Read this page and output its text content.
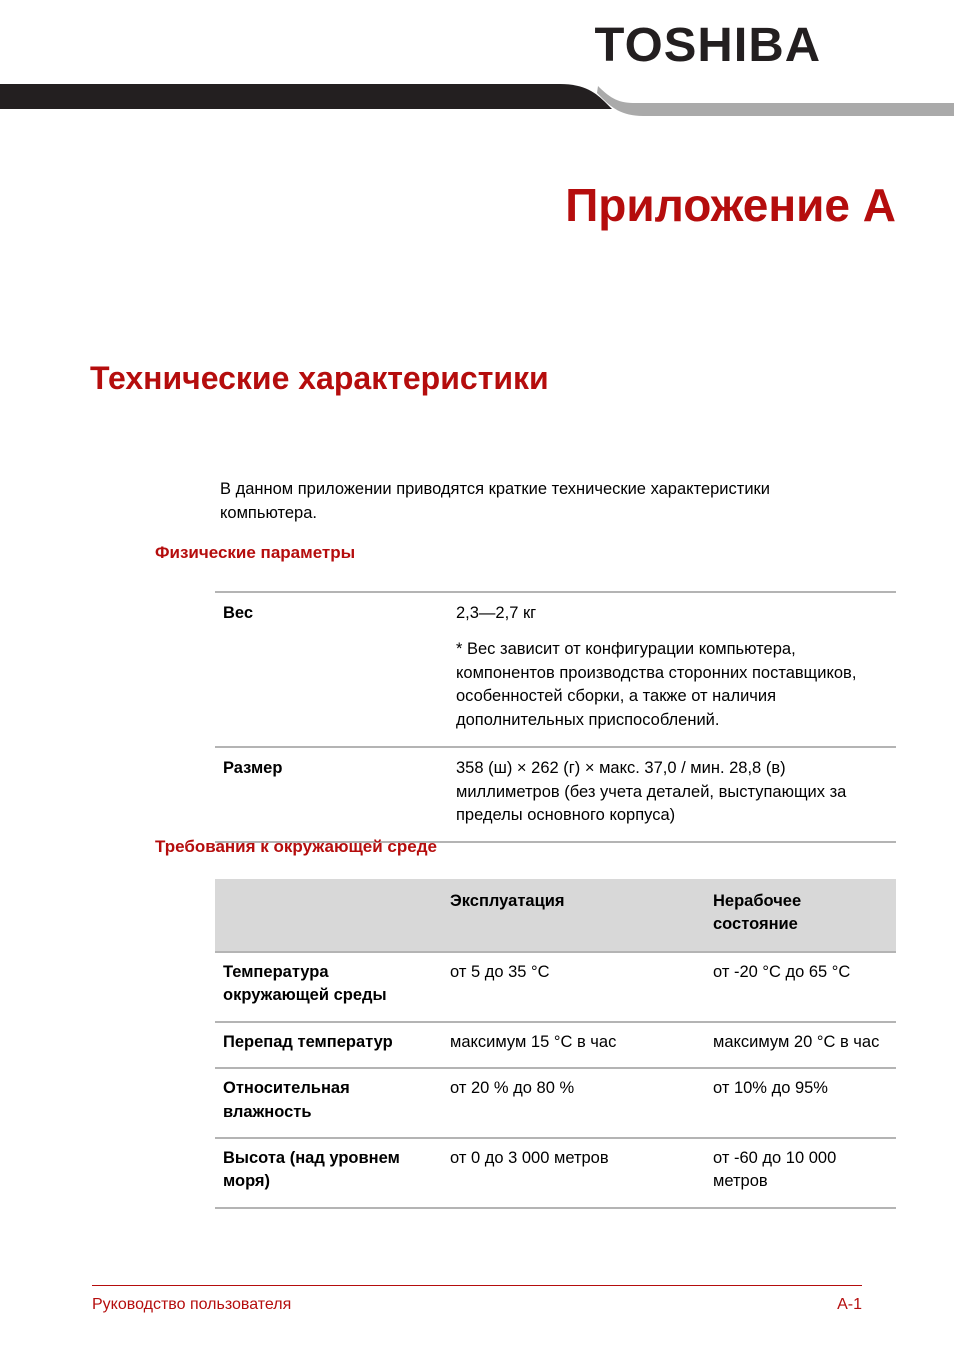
TOSHIBA
Приложение A
Технические характеристики
В данном приложении приводятся краткие технические характеристики компьютера.
Физические параметры
Вес	2,3—2,7 кг
* Вес зависит от конфигурации компьютера, компонентов производства сторонних поставщиков, особенностей сборки, а также от наличия дополнительных приспособлений.

Размер	358 (ш) × 262 (г) × макс. 37,0 / мин. 28,8 (в) миллиметров (без учета деталей, выступающих за пределы основного корпуса)

Требования к окружающей среде
	Эксплуатация	Нерабочее состояние
Температура окружающей среды	от 5 до 35 °C	от -20 °C до 65 °C
Перепад температур	максимум 15 °C в час	максимум 20 °C в час
Относительная влажность	от 20 % до 80 %	от 10% до 95%
Высота (над уровнем моря)	от 0 до 3 000 метров	от -60 до 10 000 метров

Руководство пользователя	A-1
